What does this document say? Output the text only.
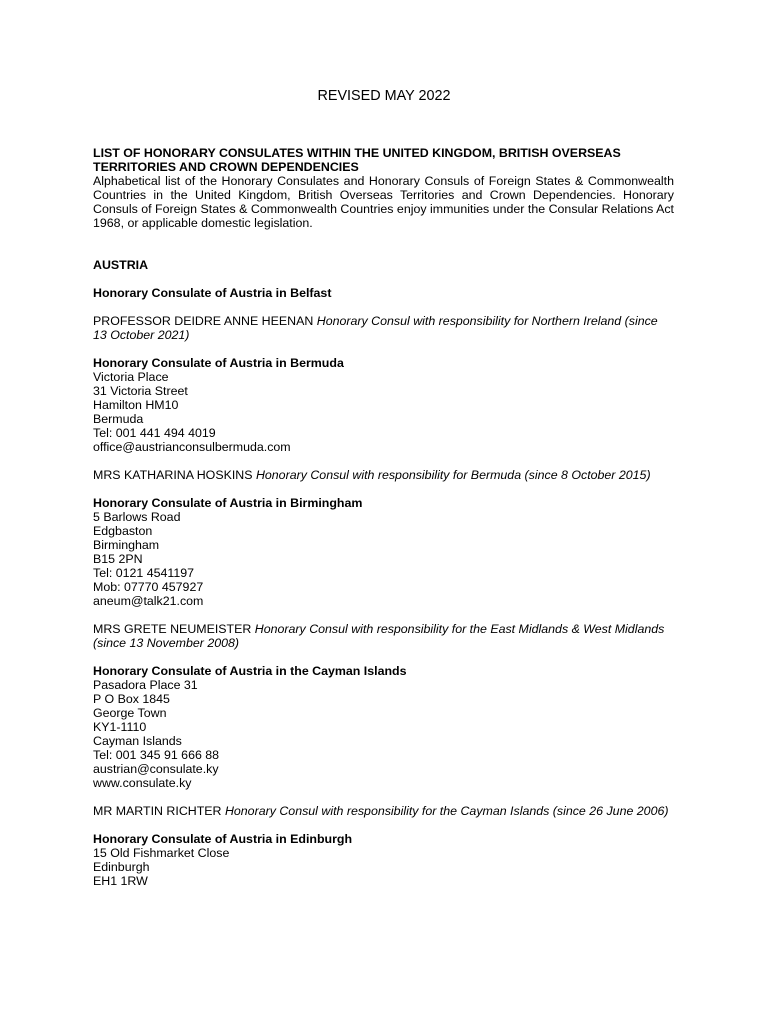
REVISED MAY 2022
LIST OF HONORARY CONSULATES WITHIN THE UNITED KINGDOM, BRITISH OVERSEAS TERRITORIES AND CROWN DEPENDENCIES
Alphabetical list of the Honorary Consulates and Honorary Consuls of Foreign States & Commonwealth Countries in the United Kingdom, British Overseas Territories and Crown Dependencies. Honorary Consuls of Foreign States & Commonwealth Countries enjoy immunities under the Consular Relations Act 1968, or applicable domestic legislation.
AUSTRIA
Honorary Consulate of Austria in Belfast
PROFESSOR DEIDRE ANNE HEENAN Honorary Consul with responsibility for Northern Ireland (since 13 October 2021)
Honorary Consulate of Austria in Bermuda
Victoria Place
31 Victoria Street
Hamilton HM10
Bermuda
Tel: 001 441 494 4019
office@austrianconsulbermuda.com
MRS KATHARINA HOSKINS Honorary Consul with responsibility for Bermuda (since 8 October 2015)
Honorary Consulate of Austria in Birmingham
5 Barlows Road
Edgbaston
Birmingham
B15 2PN
Tel: 0121 4541197
Mob: 07770 457927
aneum@talk21.com
MRS GRETE NEUMEISTER Honorary Consul with responsibility for the East Midlands & West Midlands (since 13 November 2008)
Honorary Consulate of Austria in the Cayman Islands
Pasadora Place 31
P O Box 1845
George Town
KY1-1110
Cayman Islands
Tel: 001 345 91 666 88
austrian@consulate.ky
www.consulate.ky
MR MARTIN RICHTER Honorary Consul with responsibility for the Cayman Islands (since 26 June 2006)
Honorary Consulate of Austria in Edinburgh
15 Old Fishmarket Close
Edinburgh
EH1 1RW
